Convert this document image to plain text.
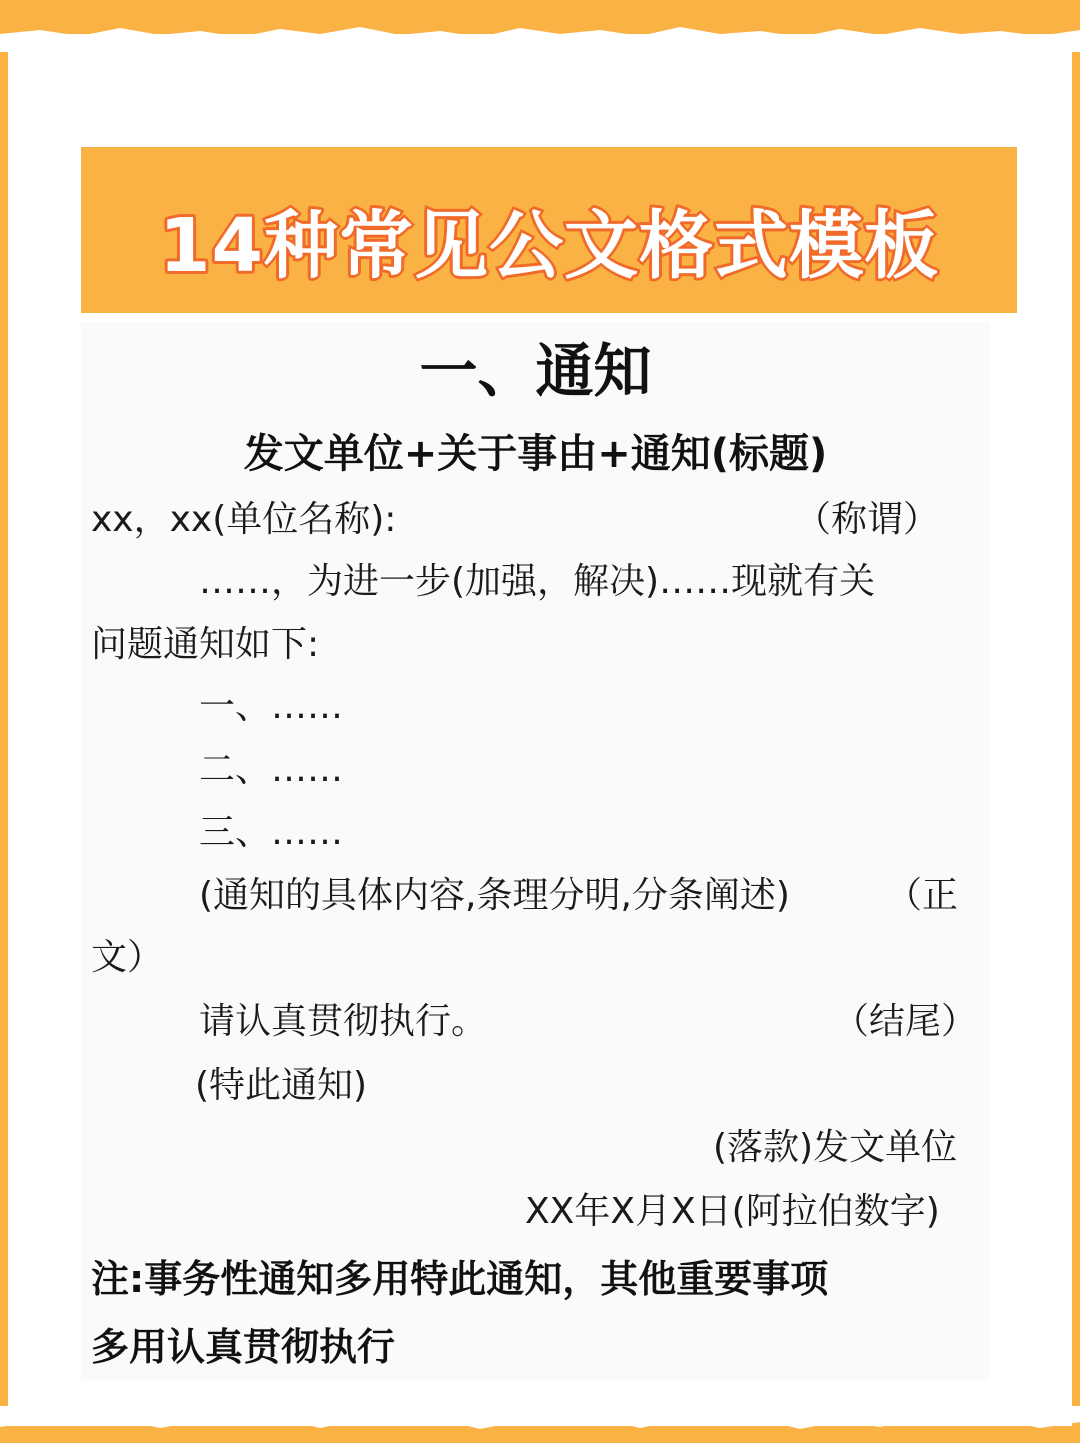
14种常见公文格式模板
一、通知
发文单位+关于事由+通知(标题)
xx，xx(单位名称):	（称谓）
……，为进一步(加强，解决)……现就有关
问题通知如下:
一、……
二、……
三、……
(通知的具体内容,条理分明,分条阐述)	（正
文）
请认真贯彻执行。	（结尾）
(特此通知)
(落款)发文单位
XX年X月X日(阿拉伯数字)
注:事务性通知多用特此通知，其他重要事项
多用认真贯彻执行
